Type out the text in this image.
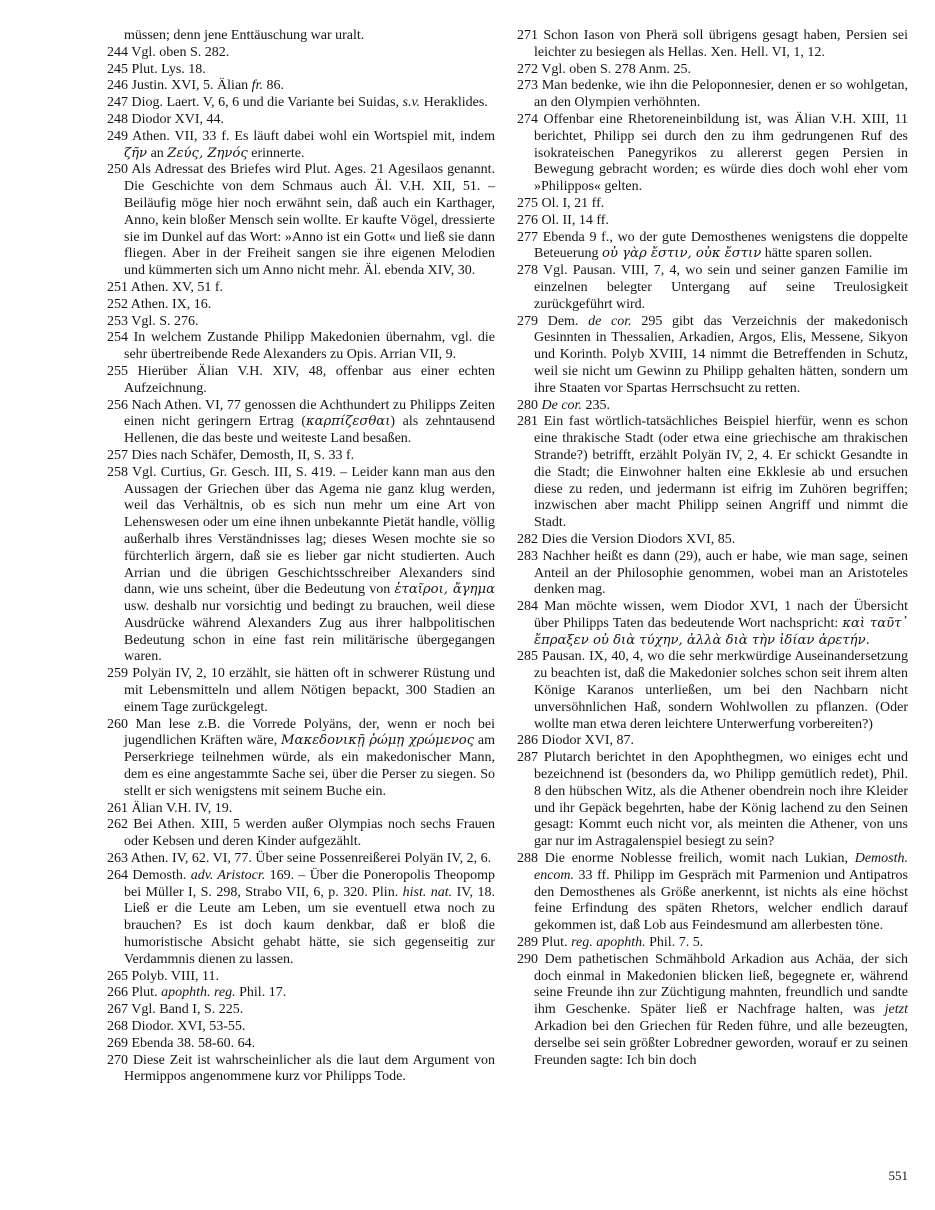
müssen; denn jene Enttäuschung war uralt.

244 Vgl. oben S. 282.

245 Plut. Lys. 18.

246 Justin. XVI, 5. Älian fr. 86.

247 Diog. Laert. V, 6, 6 und die Variante bei Suidas, s.v. Heraklides.

248 Diodor XVI, 44.

249 Athen. VII, 33 f. Es läuft dabei wohl ein Wortspiel mit, indem ζῆν an Ζεύς, Ζηνός erinnerte.

250 Als Adressat des Briefes wird Plut. Ages. 21 Agesilaos genannt. Die Geschichte von dem Schmaus auch Äl. V.H. XII, 51. – Beiläufig möge hier noch erwähnt sein, daß auch ein Karthager, Anno, kein bloßer Mensch sein wollte. Er kaufte Vögel, dressierte sie im Dunkel auf das Wort: »Anno ist ein Gott« und ließ sie dann fliegen. Aber in der Freiheit sangen sie ihre eigenen Melodien und kümmerten sich um Anno nicht mehr. Äl. ebenda XIV, 30.

251 Athen. XV, 51 f.

252 Athen. IX, 16.

253 Vgl. S. 276.

254 In welchem Zustande Philipp Makedonien übernahm, vgl. die sehr übertreibende Rede Alexanders zu Opis. Arrian VII, 9.

255 Hierüber Älian V.H. XIV, 48, offenbar aus einer echten Aufzeichnung.

256 Nach Athen. VI, 77 genossen die Achthundert zu Philipps Zeiten einen nicht geringern Ertrag (καρπίζεσθαι) als zehntausend Hellenen, die das beste und weiteste Land besaßen.

257 Dies nach Schäfer, Demosth, II, S. 33 f.

258 Vgl. Curtius, Gr. Gesch. III, S. 419. – Leider kann man aus den Aussagen der Griechen über das Agema nie ganz klug werden, weil das Verhältnis, ob es sich nun mehr um eine Art von Lehenswesen oder um eine ihnen unbekannte Pietät handle, völlig außerhalb ihres Verständnisses lag; dieses Wesen mochte sie so fürchterlich ärgern, daß sie es lieber gar nicht studierten. Auch Arrian und die übrigen Geschichtsschreiber Alexanders sind dann, wie uns scheint, über die Bedeutung von ἑταῖροι, ἄγημα usw. deshalb nur vorsichtig und bedingt zu brauchen, weil diese Ausdrücke während Alexanders Zug aus ihrer halbpolitischen Bedeutung schon in eine fast rein militärische übergegangen waren.

259 Polyän IV, 2, 10 erzählt, sie hätten oft in schwerer Rüstung und mit Lebensmitteln und allem Nötigen bepackt, 300 Stadien an einem Tage zurückgelegt.

260 Man lese z.B. die Vorrede Polyäns, der, wenn er noch bei jugendlichen Kräften wäre, Μακεδονικῇ ῥώμῃ χρώμενος am Perserkriege teilnehmen würde, als ein makedonischer Mann, dem es eine angestammte Sache sei, über die Perser zu siegen. So stellt er sich wenigstens mit seinem Buche ein.

261 Älian V.H. IV, 19.

262 Bei Athen. XIII, 5 werden außer Olympias noch sechs Frauen oder Kebsen und deren Kinder aufgezählt.

263 Athen. IV, 62. VI, 77. Über seine Possenreißerei Polyän IV, 2, 6.

264 Demosth. adv. Aristocr. 169. – Über die Poneropolis Theopomp bei Müller I, S. 298, Strabo VII, 6, p. 320. Plin. hist. nat. IV, 18. Ließ er die Leute am Leben, um sie eventuell etwa noch zu brauchen? Es ist doch kaum denkbar, daß er bloß die humoristische Absicht gehabt hätte, sie sich gegenseitig zur Verdammnis dienen zu lassen.

265 Polyb. VIII, 11.

266 Plut. apophth. reg. Phil. 17.

267 Vgl. Band I, S. 225.

268 Diodor. XVI, 53-55.

269 Ebenda 38. 58-60. 64.

270 Diese Zeit ist wahrscheinlicher als die laut dem Argument von Hermippos angenommene kurz vor Philipps Tode.

271 Schon Iason von Pherä soll übrigens gesagt haben, Persien sei leichter zu besiegen als Hellas. Xen. Hell. VI, 1, 12.

272 Vgl. oben S. 278 Anm. 25.

273 Man bedenke, wie ihn die Peloponnesier, denen er so wohlgetan, an den Olympien verhöhnten.

274 Offenbar eine Rhetoreneinbildung ist, was Älian V.H. XIII, 11 berichtet, Philipp sei durch den zu ihm gedrungenen Ruf des isokrateischen Panegyrikos zu allererst gegen Persien in Bewegung gebracht worden; es würde dies doch wohl eher vom »Philippos« gelten.

275 Ol. I, 21 ff.

276 Ol. II, 14 ff.

277 Ebenda 9 f., wo der gute Demosthenes wenigstens die doppelte Beteuerung οὐ γὰρ ἔστιν, οὐκ ἔστιν hätte sparen sollen.

278 Vgl. Pausan. VIII, 7, 4, wo sein und seiner ganzen Familie im einzelnen belegter Untergang auf seine Treulosigkeit zurückgeführt wird.

279 Dem. de cor. 295 gibt das Verzeichnis der makedonisch Gesinnten in Thessalien, Arkadien, Argos, Elis, Messene, Sikyon und Korinth. Polyb XVIII, 14 nimmt die Betreffenden in Schutz, weil sie nicht um Gewinn zu Philipp gehalten hätten, sondern um ihre Staaten vor Spartas Herrschsucht zu retten.

280 De cor. 235.

281 Ein fast wörtlich-tatsächliches Beispiel hierfür, wenn es schon eine thrakische Stadt (oder etwa eine griechische am thrakischen Strande?) betrifft, erzählt Polyän IV, 2, 4. Er schickt Gesandte in die Stadt; die Einwohner halten eine Ekklesie ab und ersuchen diese zu reden, und jedermann ist eifrig im Zuhören begriffen; inzwischen aber macht Philipp seinen Angriff und nimmt die Stadt.

282 Dies die Version Diodors XVI, 85.

283 Nachher heißt es dann (29), auch er habe, wie man sage, seinen Anteil an der Philosophie genommen, wobei man an Aristoteles denken mag.

284 Man möchte wissen, wem Diodor XVI, 1 nach der Übersicht über Philipps Taten das bedeutende Wort nachspricht: καὶ ταῦτ᾽ ἔπραξεν οὐ διὰ τύχην, ἀλλὰ διὰ τὴν ἰδίαν ἀρετήν.

285 Pausan. IX, 40, 4, wo die sehr merkwürdige Auseinandersetzung zu beachten ist, daß die Makedonier solches schon seit ihrem alten Könige Karanos unterließen, um bei den Nachbarn nicht unversöhnlichen Haß, sondern Wohlwollen zu pflanzen. (Oder wollte man etwa deren leichtere Unterwerfung vorbereiten?)

286 Diodor XVI, 87.

287 Plutarch berichtet in den Apophthegmen, wo einiges echt und bezeichnend ist (besonders da, wo Philipp gemütlich redet), Phil. 8 den hübschen Witz, als die Athener obendrein noch ihre Kleider und ihr Gepäck begehrten, habe der König lachend zu den Seinen gesagt: Kommt euch nicht vor, als meinten die Athener, von uns gar nur im Astragalenspiel besiegt zu sein?

288 Die enorme Noblesse freilich, womit nach Lukian, Demosth. encom. 33 ff. Philipp im Gespräch mit Parmenion und Antipatros den Demosthenes als Größe anerkennt, ist nichts als eine höchst feine Erfindung des späten Rhetors, welcher endlich darauf gekommen ist, daß Lob aus Feindesmund am allerbesten töne.

289 Plut. reg. apophth. Phil. 7. 5.

290 Dem pathetischen Schmähbold Arkadion aus Achäa, der sich doch einmal in Makedonien blicken ließ, begegnete er, während seine Freunde ihn zur Züchtigung mahnten, freundlich und sandte ihm Geschenke. Später ließ er Nachfrage halten, was jetzt Arkadion bei den Griechen für Reden führe, und alle bezeugten, derselbe sei sein größter Lobredner geworden, worauf er zu seinen Freunden sagte: Ich bin doch

551
